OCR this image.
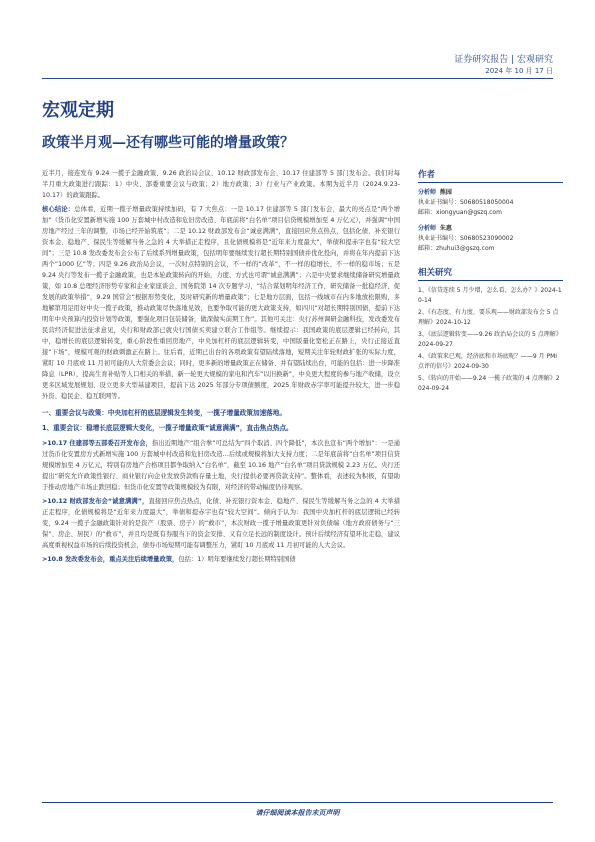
证券研究报告 | 宏观研究
2024 年 10 月 17 日
宏观定期
政策半月观—还有哪些可能的增量政策？

近半月，接连发布 9.24 一揽子金融政策、9.26 政治局会议、10.12 财政部发布会、10.17 住建部等 5 部门发布会。我们对每半月重大政策进行跟踪：1）中央、部委重要会议与政策；2）地方政策；3）行业与产业政策。本期为近半月（2024.9.23-10.17）的政策跟踪。

核心结论：总体看，近期一揽子增量政策持续加码，有 7 大焦点：一是 10.17 住建部等 5 部门发布会，最大的亮点是“两个增加”（货币化安置新增实施 100 万套城中村改造和危旧房改造、年底前将“白名单”项目信贷规模增加至 4 万亿元），并强调“中国房地产经过三年的调整，市场已经开始筑底”；二是 10.12 财政部发布会“诚意满满”，直接回应焦点热点，包括化债、补充银行资本金、稳地产、保民生等缓解当务之急的 4 大举措正走程序，且化债规模将是“近年来力度最大”，举债和提赤字也有“较大空间”；三是 10.8 发改委发布会公布了后续系列增量政策，包括明年要继续发行超长期特别国债并优化投向，并将在年内提前下达两个“1000 亿”等；四是 9.26 政治局会议，一次时点特别的会议，不一样的“改革”，不一样的稳增长、不一样的稳市场；五是 9.24 央行等发布一揽子金融政策，也是本轮政策转向的开始，力度、方式也可谓“诚意满满”；六是中央要求继续储备研究增量政策，如 10.8 总理经济形势专家和企业家座谈会、国务院第 14 次专题学习，“结合谋划明年经济工作，研究储备一批稳经济、促发展的政策举措”，9.29 国常会“根据形势变化，及时研究新的增量政策”；七是地方层面，包括一线城市在内多地放松限购，多地解第用足用好中央一揽子政策，推动政策尽快落地见效，也要争取可能的更大政策支持，如四川“对超长期特别国债，提前下达明年中央预算内投资计划等政策，要强化项目包装储备，做深做实前期工作”。其他可关注：央行苏州调研金融科技，发改委发布民营经济促进法征求意见，央行和财政部已就央行国债买卖建立联合工作组等。继续提示：我国政策的底层逻辑已经转向，其中，稳增长的底层逻辑转变，重心阶段性重回房地产，中央加杠杆的底层逻辑转变，中国版量化宽松正在路上，央行正接近直接“下场”，规模可观的财政刺激正在路上。往后看，近期已出台的各项政策有望陆续落地，短期关注年轮财政扩张的实际力度，紧盯 10 月底或 11 月初可能的人大常委会会议；同时，更多新的增量政策正在储备、并有望陆续出台，可能的包括：进一步降准降息（LPR），提高生育补贴等人口相关的举措，新一轮更大规模的家电和汽车“以旧换新”，中央更大程度的参与地产收储，设立更多区域发展规划、设立更多大型基建项目，提前下达 2025 年部分专项债额度，2025 年财政赤字率可能提升较大，进一步稳外资、稳民企、稳互联网等。

一、重要会议与政策：中央加杠杆的底层逻辑发生转变，一揽子增量政策加速落地。
1、重要会议：稳增长底层逻辑大变化，一揽子增量政策“诚意满满”，直击焦点热点。

>10.17 住建部等五部委召开发布会，指出近期地产“组合拳”可总结为“四个取消、四个降低”，本次也宣布“两个增加”：一是通过货币化安置房方式新增实施 100 万套城中村改造和危旧房改造…后续或规模将加大支持力度；二是年底前将“白名单”项目信贷规模增加至 4 万亿元，特别有房地产合格项目都争取纳入“白名单”，截至 10.16 地产“白名单”项目贷款规模 2.23 万亿。央行还提出“研究允许政策性银行、商业银行向企业发放贷款购存量土地，央行提供必要再贷款支持”。整体看，表述较为积极，有望助于推动房地产市场止跌回稳；但货币化安置等政策规模较为有限，对经济的带动幅度仍待观察。

>10.12 财政部发布会“诚意满满”，直接回应焦点热点，化债、补充银行资本金、稳地产、保民生等缓解当务之急的 4 大举措正走程序，化债规模将是“近年来力度最大”，举债和提赤字也有“较大空间”。倾向于认为：我国中央加杠杆的底层逻辑已经转变，9.24 一揽子金融政策针对的是资产（股票、房子）的“救市”，本次财政一揽子增量政策更针对负债端（地方政府债务与“三保”、房企、居民）的“救市”，并且均是既有券服当下的资金安排、又有立足长远的制度设计。预计后续经济有望环比走稳，建议高度重视权益市场的后续投资机会，债券市场短期可能有调整压力，紧盯 10 月底或 11 月初可能的人大会议。

>10.8 发改委发布会，重点关注后续增量政策，包括：1）明年要继续发行超长期特别国债

作者
分析师 熊园
执业证书编号：S0680518050004
邮箱：xiongyuan@gszq.com
分析师 朱惠
执业证书编号：S0680523090002
邮箱：zhuhui3@gszq.com
相关研究
1、《信贷连续 5 月少增，怎么看、怎么办？》2024-10-14
2、《有态度、有力度、要乐观——财政部发布会 5 点理解》2024-10-12
3、《底层逻辑转变——9.26 政治局会议的 5 点理解》2024-09-27
4、《政策来已观，经济底和市场底呢？——9 月 PMI 点评的信号》2024-09-30
5、《转向的开始——9.24 一揽子政策的 4 点理解》2024-09-24
请仔细阅读本报告末页声明
